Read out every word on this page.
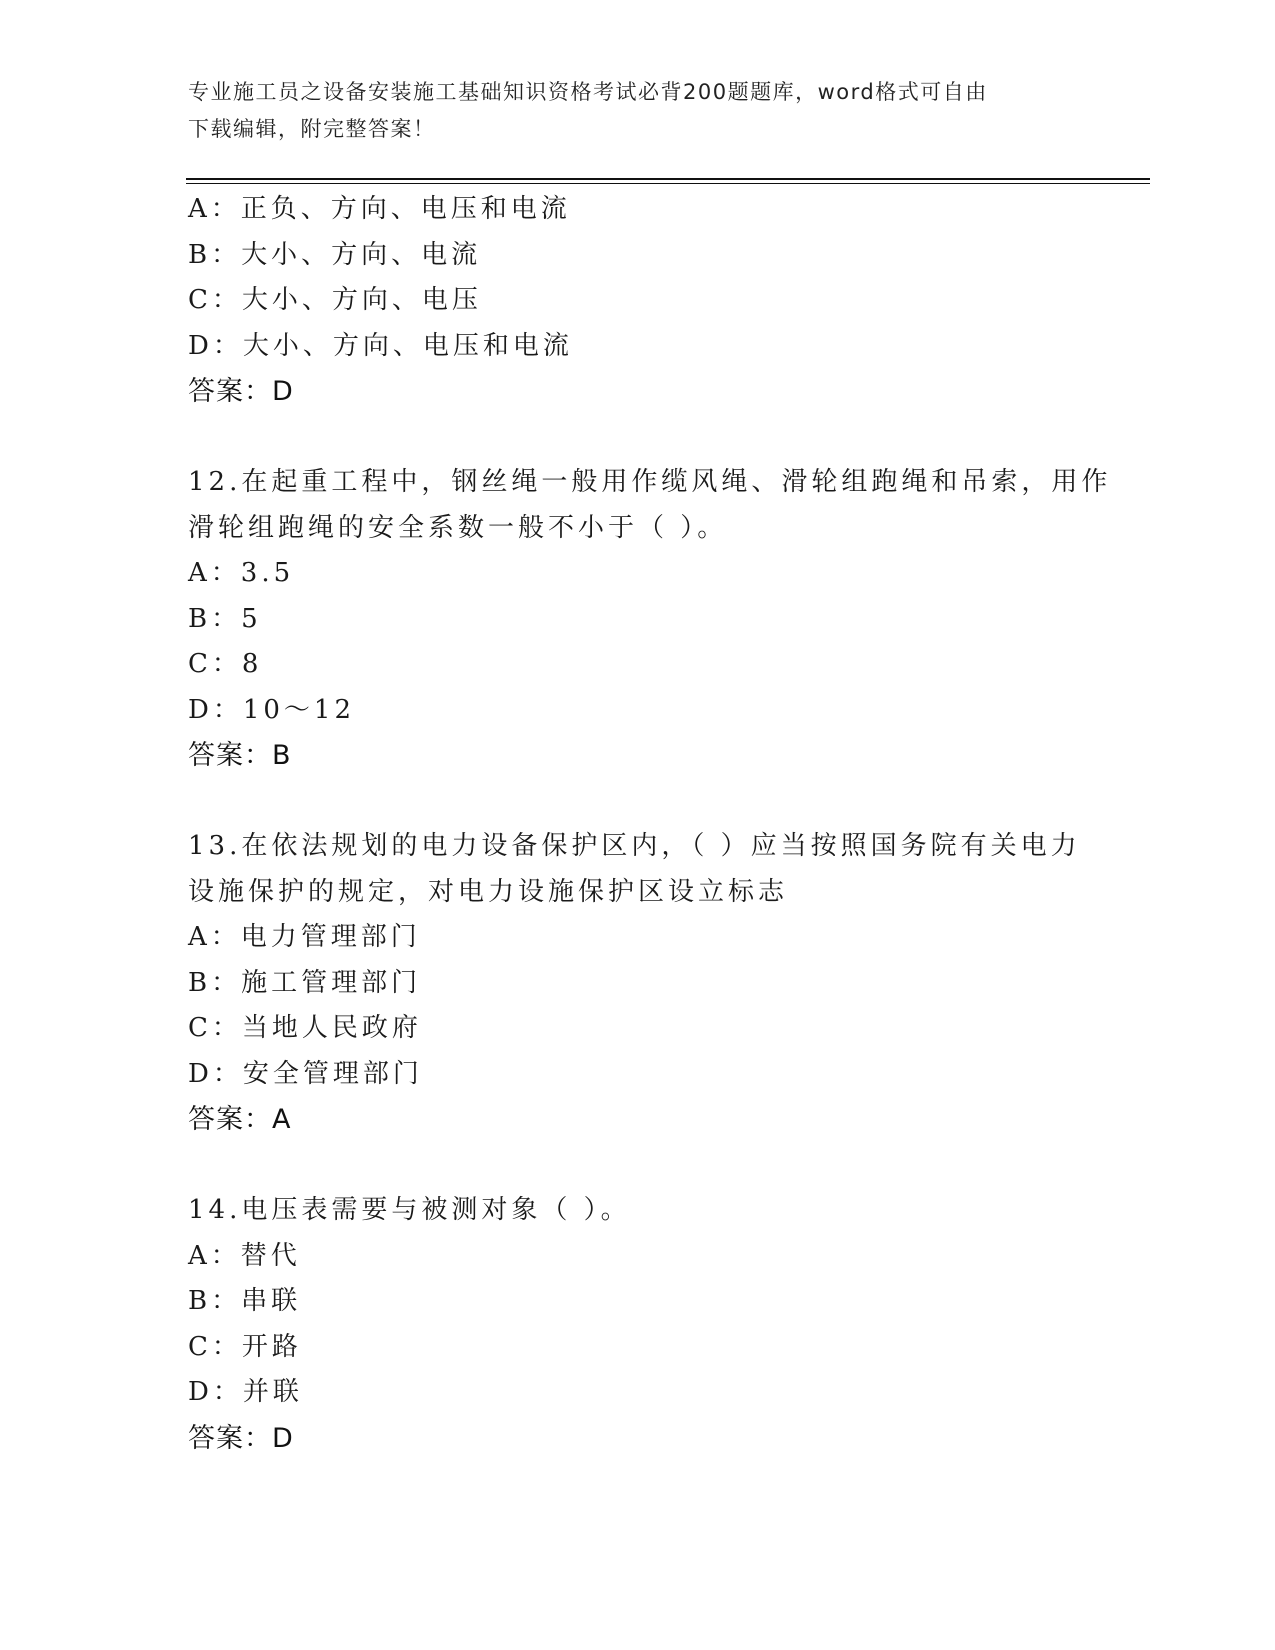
专业施工员之设备安装施工基础知识资格考试必背200题题库，word格式可自由
下载编辑，附完整答案！
A：正负、方向、电压和电流
B：大小、方向、电流
C：大小、方向、电压
D：大小、方向、电压和电流
答案：D
12.在起重工程中，钢丝绳一般用作缆风绳、滑轮组跑绳和吊索，用作
滑轮组跑绳的安全系数一般不小于（ ）。
A：3.5
B：5
C：8
D：10～12
答案：B
13.在依法规划的电力设备保护区内，（ ）应当按照国务院有关电力
设施保护的规定，对电力设施保护区设立标志
A：电力管理部门
B：施工管理部门
C：当地人民政府
D：安全管理部门
答案：A
14.电压表需要与被测对象（ ）。
A：替代
B：串联
C：开路
D：并联
答案：D
